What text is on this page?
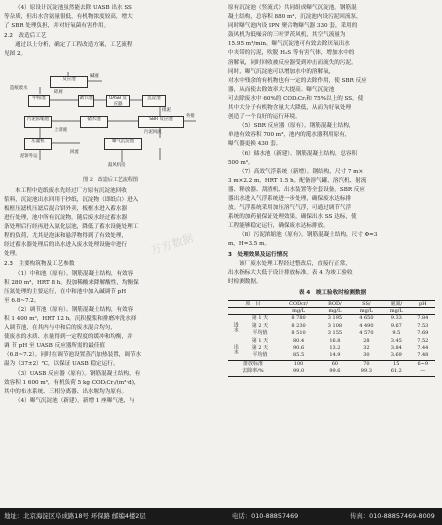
（4）原设计沉淀池虽然能去除 UASB 出水 SS
等杂质，但出水含氨量很低，有机物浓度较高，增大
了 SBR 处理负担，并对好氧菌有害作用。

2.2　改造后工艺

通过以上分析，确定了工程改造方案，工艺流程
见图 2。

反应池
中和池	调节池	UASB 反应器
沉淀池
SBR 反应池
储水池
污泥浓缩池
压滤机	曝气沉淀池
碱液
造纸废水
碎屑
外排
排泥
上清液	污泥回流
泥饼外运
回流
鼓风机房

图 2　改造后工艺流程图

本工程中造纸废水先经过厂方原有沉淀池回收
浆料，沉淀池出水回用于抄纸，沉淀物（即纸白）进入
板框压滤机压滤后混合饼外卖，板框水进入蓄水器
进行处理，池中所有沉淀物。随后废水经过蓄水器
条处理后行经再进入氨化层池，降低了蓄水设施处理工
程的负荷，尤其是泡沫和悬浮物得到了有效处理，
经过蓄水器处理后的出水进入废水处理设施中进行
处理。

2.3　主要构筑物及工艺参数

（1）中和池（原有）。钢筋混凝土结构，有效容
积 280 m³，HRT 8 h。投加稀酸来降解酸性，均衡保
压氮处理的主要运行，在中和池中加入碱调节 pH
至 6.8~7.2。

（2）调节池（原有）。钢筋混凝土结构，有效容
积 1 400 m³，HRT 12 h。沉积搅浆和排磨冲洗水择
入调节池，在其内与中和后的废水混合均匀，
使废水的水质、水量得到一定程度的缓冲和均衡，并
调 节 pH 至 UASB 反应器所需的最佳值
（6.8~7.2）。同时在调节池设置蒸汽加热装置，调节水
温为（37±2）℃，以保证 UASB 稳定运行。

（3）UASB 反应器（原有）。钢筋混凝土结构，有
效容积 1 600 m³，有机负荷 5 kg COD₍Cr₎/(m³·d)，
其中的布水系统、三相分离器、出水堰均为原有。

（4）曝气沉淀池（新建）。新增 1 座曝气池，与

原有沉淀池（竖流式）共同组成曝气沉淀池。钢筋混
凝土结构，总容积 880 m³，沉淀池内设污泥回流泵，
同时曝气池内设 IPN 聚合物曝气器 330 套，采用的
鼓风机为低噪音的三叶罗茨风机，其空气流量为
15.95 m³/min。曝气沉淀池可有效去除厌氧出水
中夹带的污泥，吹脱 H₂S 等有害气体，增加水中的
溶解氧，同时回收被反应器受到冲击而流失的污泥。
同时，曝气沉淀池可以增加水中的溶解氧，
对水中残余的有机物也有一定的去除作用，使 SBR 反应
器，从而使去除效率大大提高。曝气沉淀池
可去除废水中 60%的 COD₍Cr₎和 75%以上的 SS，使
其中大分子有机物含量大大降低，从而为好氧处理
创造了一个良好的运行环境。

（5）SBR 反应器（原有）。钢筋混凝土结构，
单池有效容积 700 m³，池内的滗水器利用原有，
曝气器更换 430 套。

（6）储水池（新建）。钢筋混凝土结构，总容积
500 m³。

（7）高效气浮系统（新增）。钢结构，尺寸 7 m×
3 m×2.2 m，HRT 1.5 h。配备溶气罐、溶汽机、射流
器、释放器、刮渣机、出水装置等全套设备。SBR 反应
器出水进入气浮系统进一步处理，确保废水达标排
放。气浮系统采用加压溶气气浮，可通过调节气浮
系统的加药量保证处理效果，确保出水 SS 达标，使
工程能够稳定运行，确保废水达标排放。

（8）污泥浓缩池（原有）。钢筋混凝土结构，尺寸 Φ=3
m，H=3.5 m。

3　处理效果及运行情况

该厂废水处理工程经过整改后，直接行正常，
出水指标大大低于设计排放标准。表 4 为竣工验收
时检测数据。

表 4　竣工验收时检测数据

项　目		CODcr/	BOD/	SS/	氨氮/	pH
		mg/L	mg/L	mg/L	mg/L	
进水	第 1 天	8 780	3 195	4 650	9.33	7.84
	第 2 天	8 230	3 108	4 490	9.67	7.53
	平均值	8 510	3 155	4 570	9.5	7.69
出水	第 1 天	80.4	16.8	28	3.45	7.52
	第 2 天	90.6	13.2	32	3.84	7.44
	平均值	85.5	14.9	30	3.69	7.48
排放标准		100	60	70	15	6~9
去除率/%		99.0	99.6	99.3	61.2	—
万方数据
地址：北京海淀区阜成路18号 环保路 邮编4楼2层	电话：010-88857469	传真：010-88857469-8009
